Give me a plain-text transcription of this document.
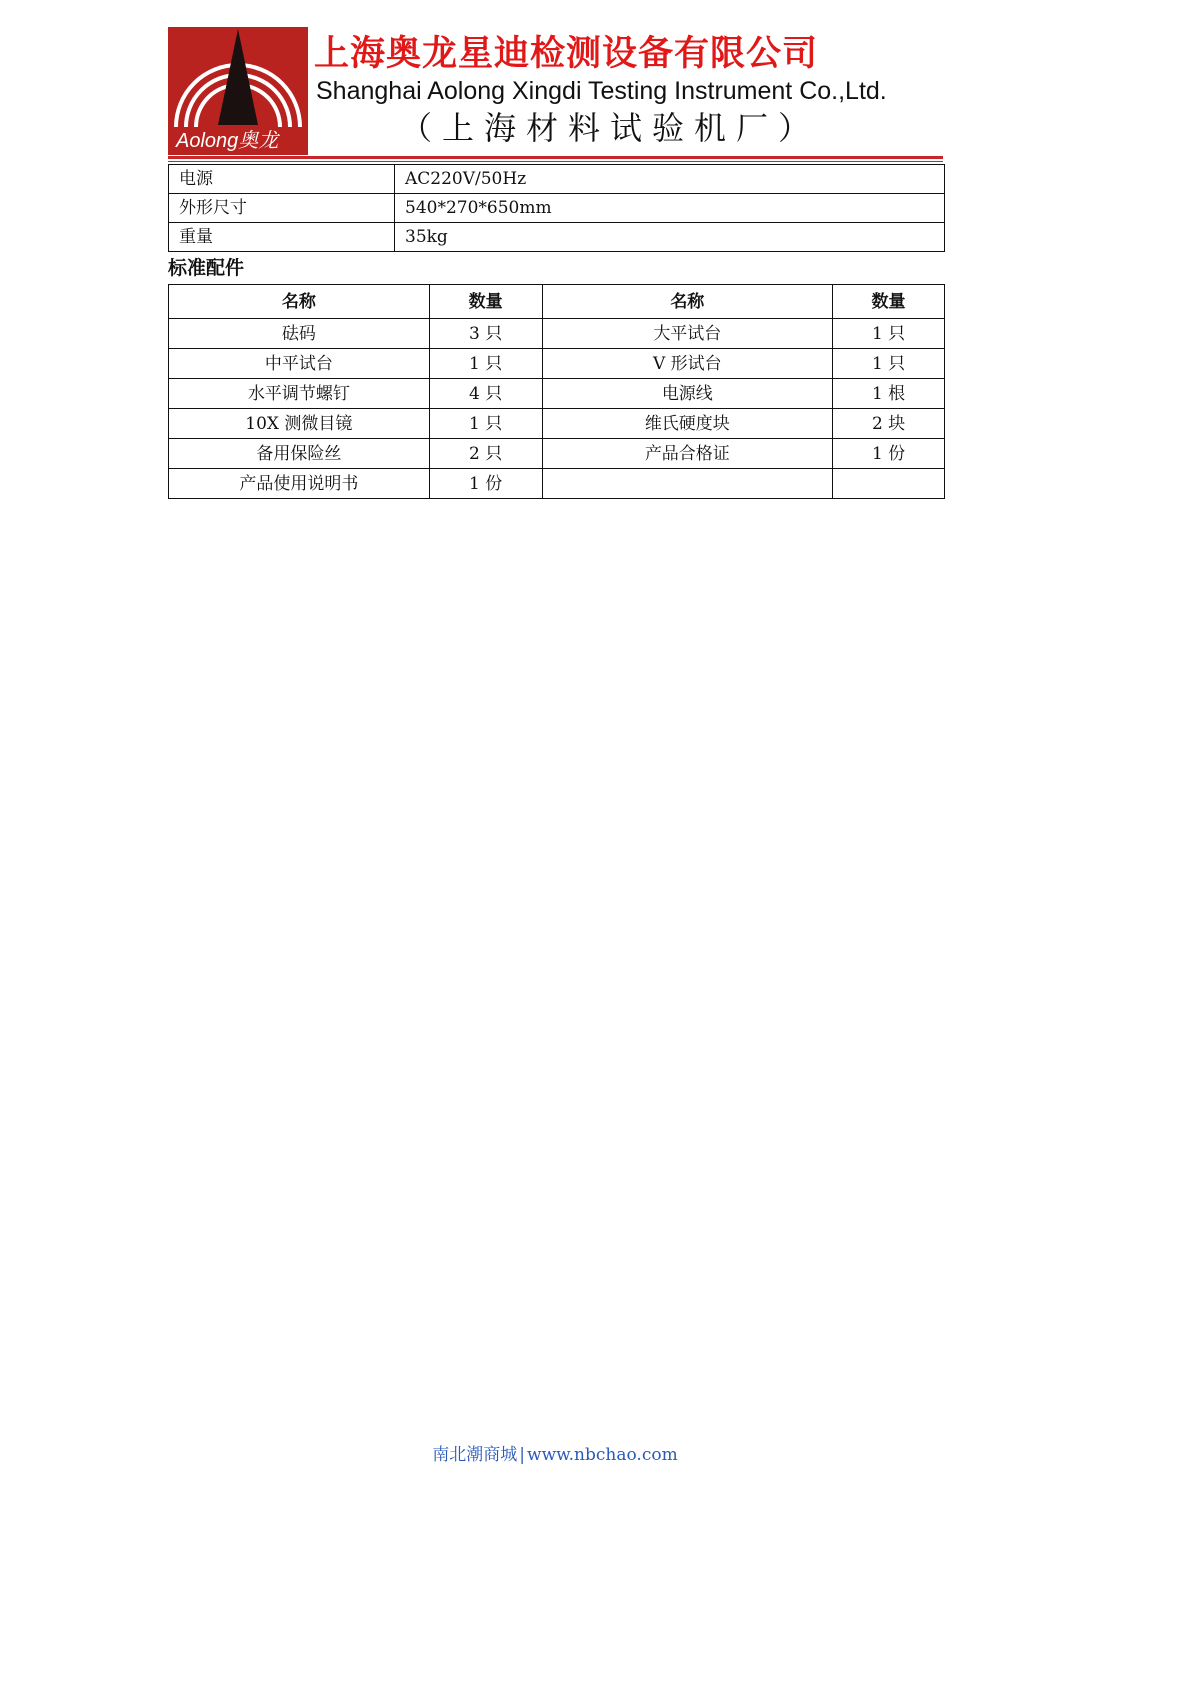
Aolong奥龙
上海奥龙星迪检测设备有限公司
Shanghai Aolong Xingdi Testing Instrument Co.,Ltd.
（上海材料试验机厂）
电源	AC220V/50Hz
外形尺寸	540*270*650mm
重量	35kg
标准配件
名称	数量	名称	数量
砝码	3 只	大平试台	1 只
中平试台	1 只	V 形试台	1 只
水平调节螺钉	4 只	电源线	1 根
10X 测微目镜	1 只	维氏硬度块	2 块
备用保险丝	2 只	产品合格证	1 份
产品使用说明书	1 份		
南北潮商城 | www.nbchao.com
